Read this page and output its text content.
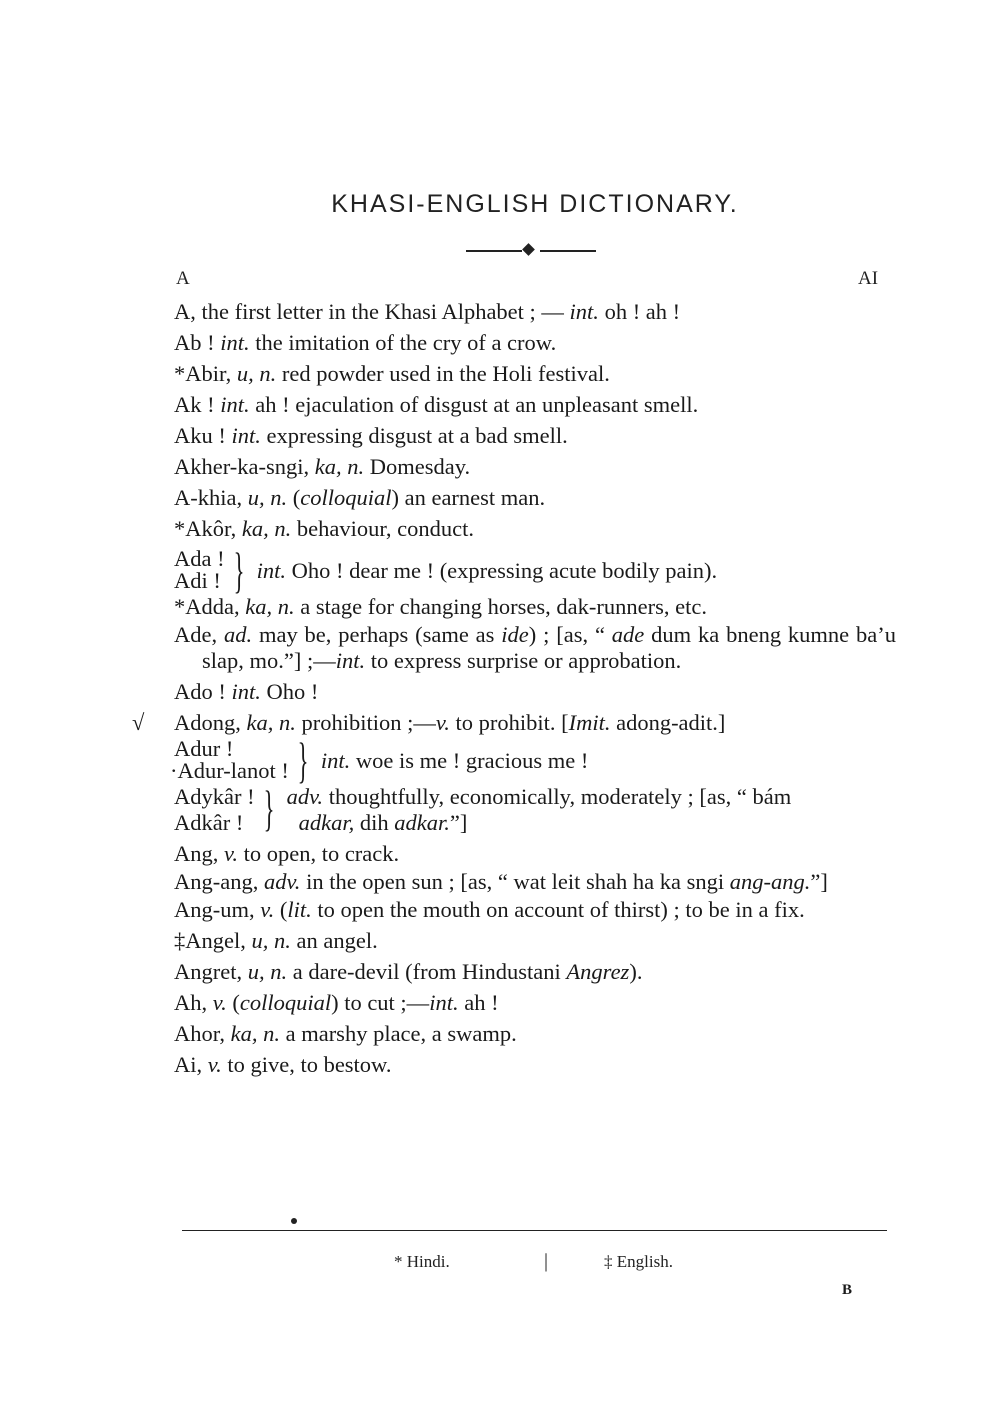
KHASI-ENGLISH DICTIONARY.
A	AI

A, the first letter in the Khasi Alphabet ; — int. oh ! ah !

Ab ! int. the imitation of the cry of a crow.

*Abir, u, n. red powder used in the Holi festival.

Ak ! int. ah ! ejaculation of disgust at an unpleasant smell.

Aku ! int. expressing disgust at a bad smell.

Akher-ka-sngi, ka, n. Domesday.

A-khia, u, n. (colloquial) an earnest man.

*Akôr, ka, n. behaviour, conduct.

Ada !
Adi ! } int. Oho ! dear me ! (expressing acute bodily pain).

*Adda, ka, n. a stage for changing horses, dak-runners, etc.

Ade, ad. may be, perhaps (same as ide) ; [as, “ ade dum ka bneng kumne ba’u slap, mo.”] ;—int. to express surprise or approbation.

Ado ! int. Oho !

√	Adong, ka, n. prohibition ;—v. to prohibit. [Imit. adong-adit.]

Adur !
·Adur-lanot ! } int. woe is me ! gracious me !
Adykâr !
Adkâr ! } adv. thoughtfully, economically, moderately ; [as, “ bám
adkar, dih adkar.”]

Ang, v. to open, to crack.

Ang-ang, adv. in the open sun ; [as, “ wat leit shah ha ka sngi ang-ang.”]

Ang-um, v. (lit. to open the mouth on account of thirst) ; to be in a fix.

‡Angel, u, n. an angel.

Angret, u, n. a dare-devil (from Hindustani Angrez).

Ah, v. (colloquial) to cut ;—int. ah !

Ahor, ka, n. a marshy place, a swamp.

Ai, v. to give, to bestow.

* Hindi.	|	‡ English.
B
